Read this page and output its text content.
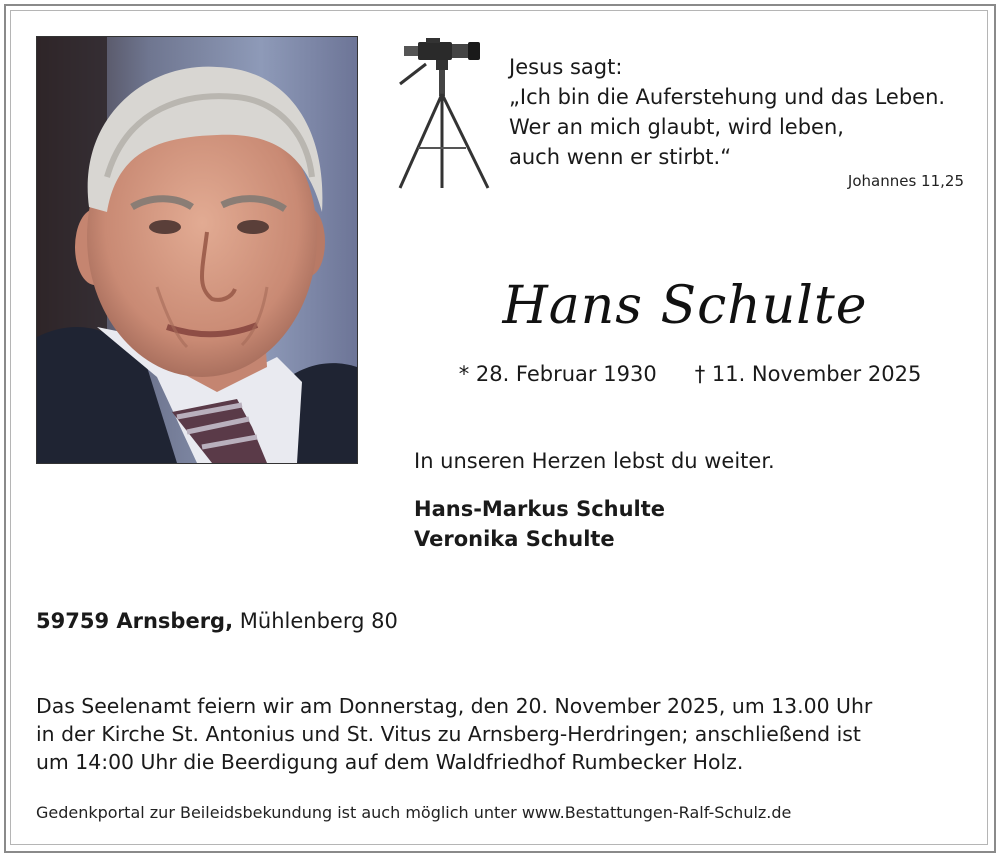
Jesus sagt:
„Ich bin die Auferstehung und das Leben.
Wer an mich glaubt, wird leben,
auch wenn er stirbt.“
Johannes 11,25
Hans Schulte
* 28. Februar 1930 † 11. November 2025
In unseren Herzen lebst du weiter.
Hans-Markus Schulte
Veronika Schulte
59759 Arnsberg, Mühlenberg 80
Das Seelenamt feiern wir am Donnerstag, den 20. November 2025, um 13.00 Uhr
in der Kirche St. Antonius und St. Vitus zu Arnsberg-Herdringen; anschließend ist
um 14:00 Uhr die Beerdigung auf dem Waldfriedhof Rumbecker Holz.
Gedenkportal zur Beileidsbekundung ist auch möglich unter www.Bestattungen-Ralf-Schulz.de
